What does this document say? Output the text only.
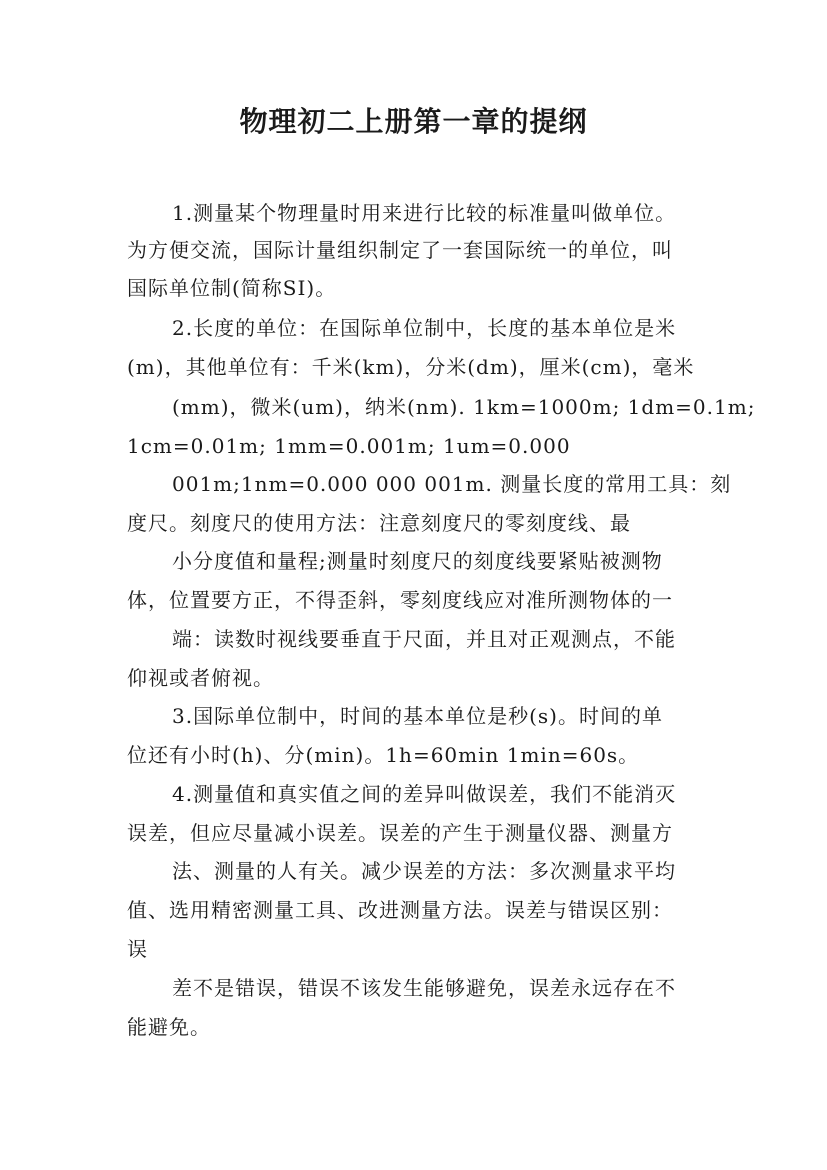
物理初二上册第一章的提纲
1.测量某个物理量时用来进行比较的标准量叫做单位。
为方便交流，国际计量组织制定了一套国际统一的单位，叫
国际单位制(简称SI)。
2.长度的单位：在国际单位制中，长度的基本单位是米
(m)，其他单位有：千米(km)，分米(dm)，厘米(cm)，毫米
(mm)，微米(um)，纳米(nm). 1km=1000m; 1dm=0.1m;
1cm=0.01m; 1mm=0.001m; 1um=0.000
001m;1nm=0.000 000 001m. 测量长度的常用工具：刻
度尺。刻度尺的使用方法：注意刻度尺的零刻度线、最
小分度值和量程;测量时刻度尺的刻度线要紧贴被测物
体，位置要方正，不得歪斜，零刻度线应对准所测物体的一
端：读数时视线要垂直于尺面，并且对正观测点，不能
仰视或者俯视。
3.国际单位制中，时间的基本单位是秒(s)。时间的单
位还有小时(h)、分(min)。1h=60min 1min=60s。
4.测量值和真实值之间的差异叫做误差，我们不能消灭
误差，但应尽量减小误差。误差的产生于测量仪器、测量方
法、测量的人有关。减少误差的方法：多次测量求平均
值、选用精密测量工具、改进测量方法。误差与错误区别：
误
差不是错误，错误不该发生能够避免，误差永远存在不
能避免。
